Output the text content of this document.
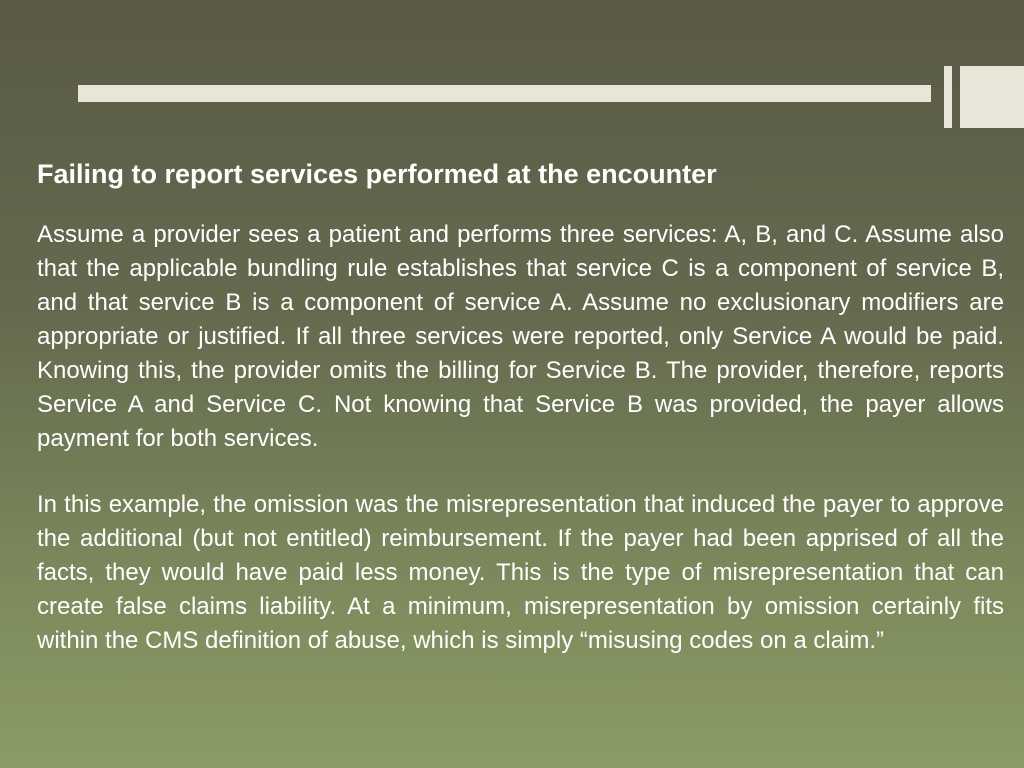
Failing to report services performed at the encounter

Assume a provider sees a patient and performs three services: A, B, and C. Assume also that the applicable bundling rule establishes that service C is a component of service B, and that service B is a component of service A. Assume no exclusionary modifiers are appropriate or justified. If all three services were reported, only Service A would be paid. Knowing this, the provider omits the billing for Service B. The provider, therefore, reports Service A and Service C. Not knowing that Service B was provided, the payer allows payment for both services.

In this example, the omission was the misrepresentation that induced the payer to approve the additional (but not entitled) reimbursement. If the payer had been apprised of all the facts, they would have paid less money. This is the type of misrepresentation that can create false claims liability. At a minimum, misrepresentation by omission certainly fits within the CMS definition of abuse, which is simply “misusing codes on a claim.”
